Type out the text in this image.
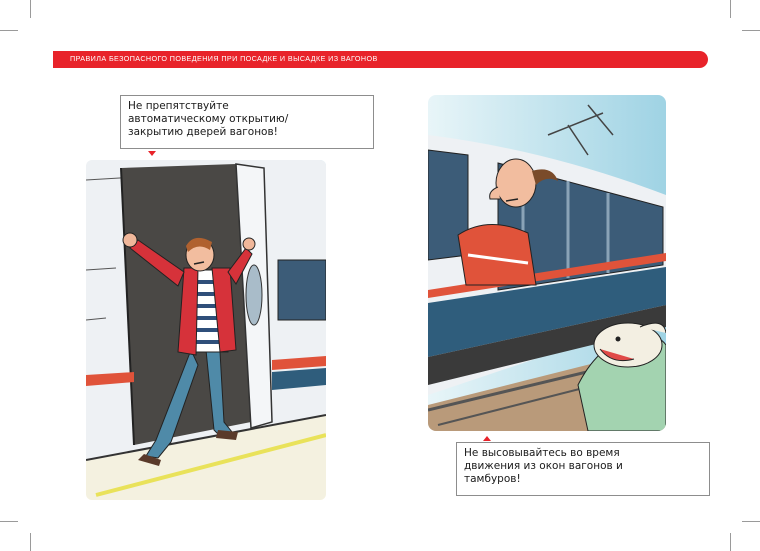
ПРАВИЛА БЕЗОПАСНОГО ПОВЕДЕНИЯ ПРИ ПОСАДКЕ И ВЫСАДКЕ ИЗ ВАГОНОВ
Не препятствуйте
автоматическому открытию/
закрытию дверей вагонов!
Не высовывайтесь во время
движения из окон вагонов и
тамбуров!
